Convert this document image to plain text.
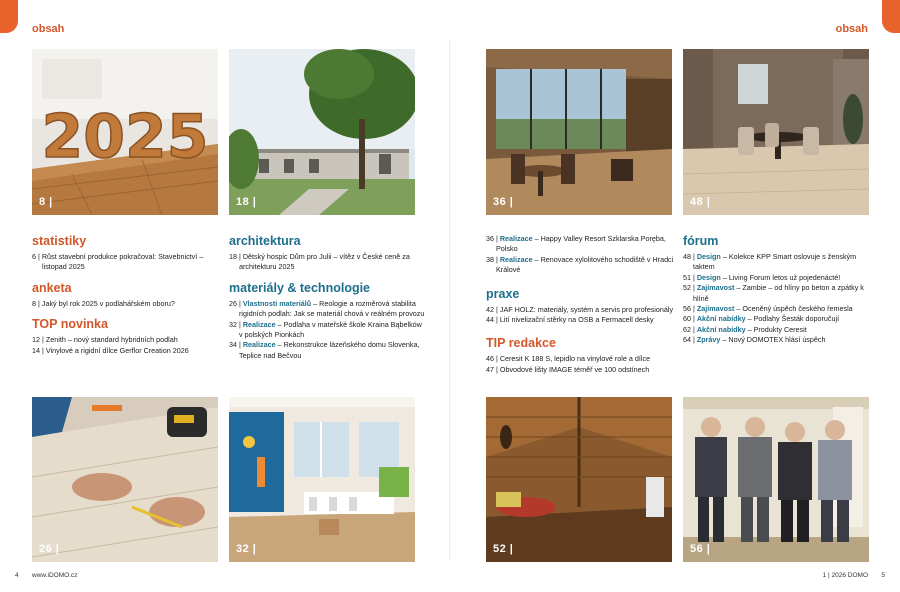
obsah	obsah
2025
8 |	18 |	36 |	48 |
26 |	32 |	52 |	56 |
statistiky

6 | Růst stavební produkce pokračoval: Stavebnictví – listopad 2025

anketa

8 | Jaký byl rok 2025 v podlahářském oboru?

TOP novinka

12 | Zenith – nový standard hybridních podlah

14 | Vinylové a rigidní dílce Gerflor Creation 2026

architektura

18 | Dětský hospic Dům pro Julii – vítěz v České ceně za architekturu 2025

materiály & technologie

26 | Vlastnosti materiálů – Reologie a rozměrová stabilita rigidních podlah: Jak se materiál chová v reálném provozu

32 | Realizace – Podlaha v mateřské škole Kraina Bąbelków v polských Pionkách

34 | Realizace – Rekonstrukce lázeňského domu Slovenka, Teplice nad Bečvou

36 | Realizace – Happy Valley Resort Szklarska Poręba, Polsko

38 | Realizace – Renovace xylolitového schodiště v Hradci Králové

praxe

42 | JAF HOLZ: materiály, systém a servis pro profesionály

44 | Lití nivelizační stěrky na OSB a Fermacell desky

TIP redakce

46 | Ceresit K 188 S, lepidlo na vinylové role a dílce

47 | Obvodové lišty IMAGE téměř ve 100 odstínech

fórum

48 | Design – Kolekce KPP Smart oslovuje s ženským taktem

51 | Design – Living Forum letos už pojedenácté!

52 | Zajímavost – Zambie – od hlíny po beton a zpátky k hlíně

56 | Zajímavost – Oceněný úspěch českého řemesla

60 | Akční nabídky – Podlahy Šesták doporučují

62 | Akční nabídky – Produkty Ceresit

64 | Zprávy – Nový DOMOTEX hlásí úspěch

4 www.iDOMO.cz	1 | 2026 DOMO 5
